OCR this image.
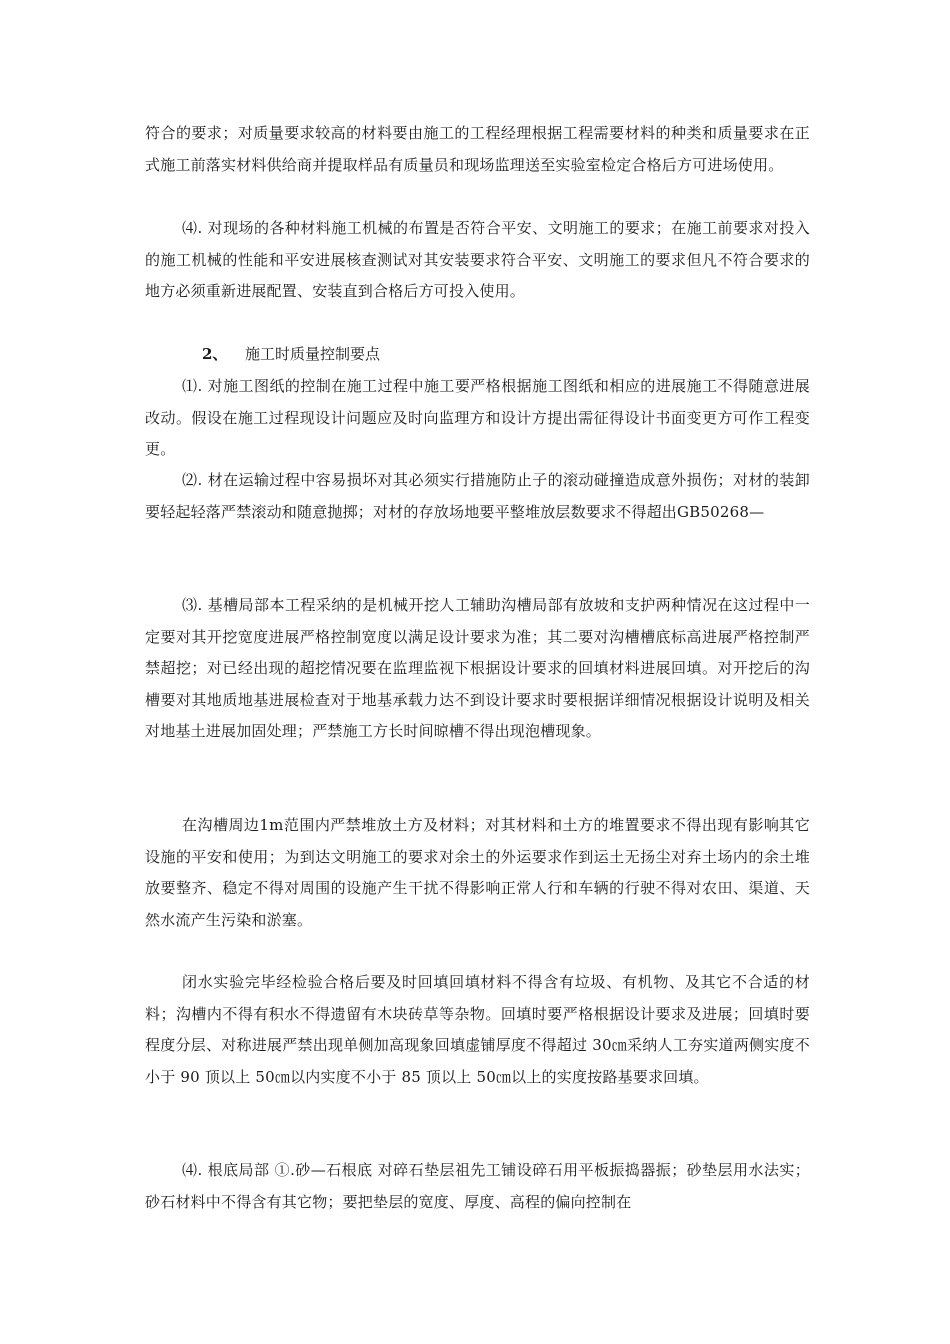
符合的要求；对质量要求较高的材料要由施工的工程经理根据工程需要材料的种类和质量要求在正式施工前落实材料供给商并提取样品有质量员和现场监理送至实验室检定合格后方可进场使用。

⑷. 对现场的各种材料施工机械的布置是否符合平安、文明施工的要求；在施工前要求对投入的施工机械的性能和平安进展核查测试对其安装要求符合平安、文明施工的要求但凡不符合要求的地方必须重新进展配置、安装直到合格后方可投入使用。

2、 施工时质量控制要点

⑴. 对施工图纸的控制在施工过程中施工要严格根据施工图纸和相应的进展施工不得随意进展改动。假设在施工过程现设计问题应及时向监理方和设计方提出需征得设计书面变更方可作工程变更。

⑵. 材在运输过程中容易损坏对其必须实行措施防止子的滚动碰撞造成意外损伤；对材的装卸要轻起轻落严禁滚动和随意抛掷；对材的存放场地要平整堆放层数要求不得超出GB50268—

⑶. 基槽局部本工程采纳的是机械开挖人工辅助沟槽局部有放坡和支护两种情况在这过程中一定要对其开挖宽度进展严格控制宽度以满足设计要求为准；其二要对沟槽槽底标高进展严格控制严禁超挖；对已经出现的超挖情况要在监理监视下根据设计要求的回填材料进展回填。对开挖后的沟槽要对其地质地基进展检查对于地基承载力达不到设计要求时要根据详细情况根据设计说明及相关对地基土进展加固处理；严禁施工方长时间晾槽不得出现泡槽现象。

在沟槽周边1m范围内严禁堆放土方及材料；对其材料和土方的堆置要求不得出现有影响其它设施的平安和使用；为到达文明施工的要求对余土的外运要求作到运土无扬尘对弃土场内的余土堆放要整齐、稳定不得对周围的设施产生干扰不得影响正常人行和车辆的行驶不得对农田、渠道、天然水流产生污染和淤塞。

闭水实验完毕经检验合格后要及时回填回填材料不得含有垃圾、有机物、及其它不合适的材料；沟槽内不得有积水不得遗留有木块砖草等杂物。回填时要严格根据设计要求及进展；回填时要程度分层、对称进展严禁出现单侧加高现象回填虚铺厚度不得超过 30㎝采纳人工夯实道两侧实度不小于 90 顶以上 50㎝以内实度不小于 85 顶以上 50㎝以上的实度按路基要求回填。

⑷. 根底局部 ①.砂—石根底 对碎石垫层祖先工铺设碎石用平板振捣器振；砂垫层用水法实；砂石材料中不得含有其它物；要把垫层的宽度、厚度、高程的偏向控制在
